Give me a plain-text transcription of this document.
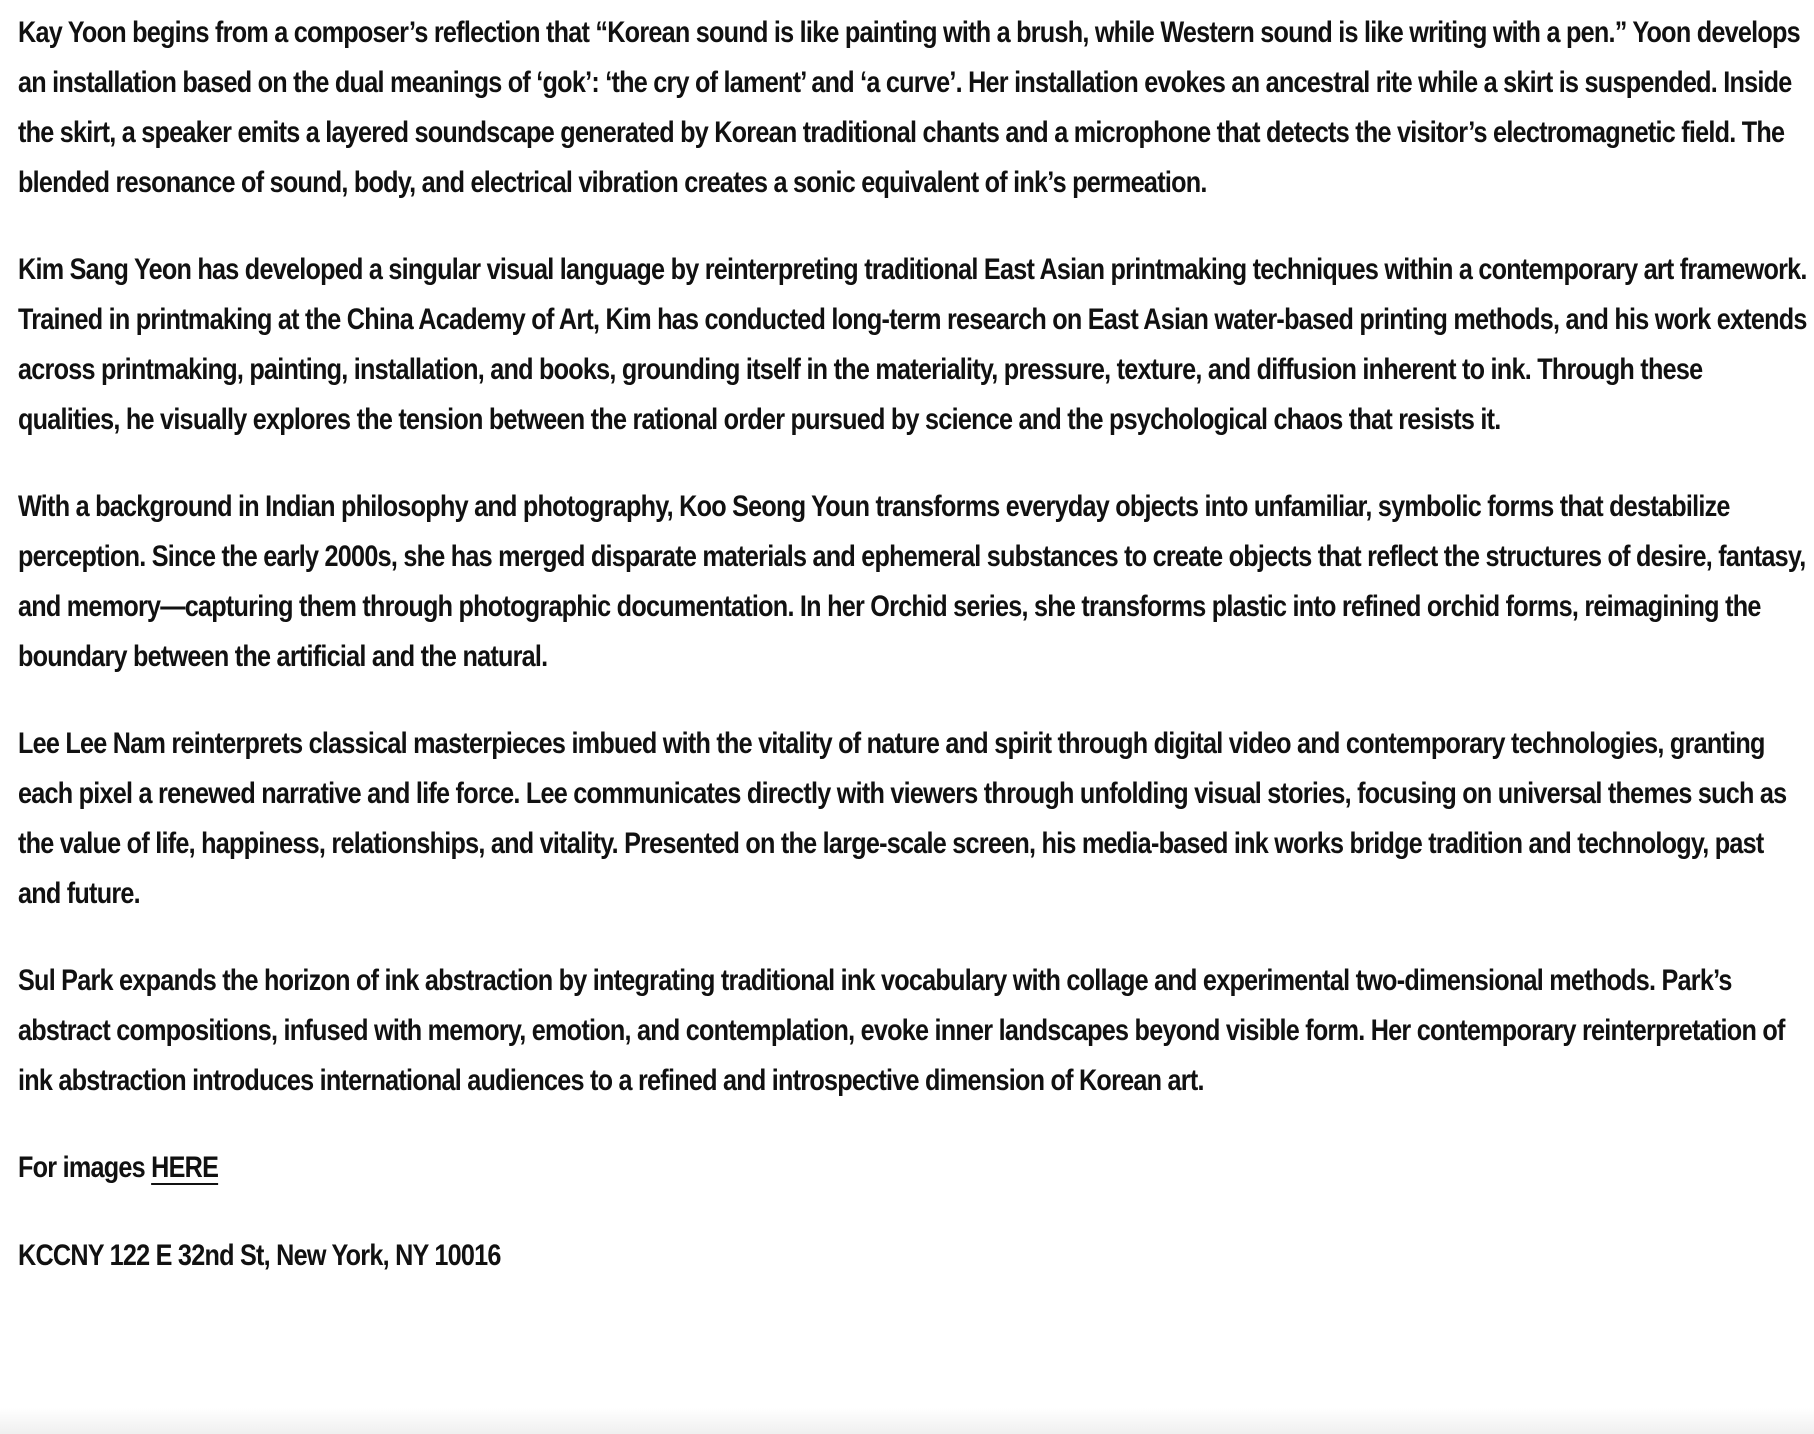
Kay Yoon begins from a composer’s reflection that “Korean sound is like painting with a brush, while Western sound is like writing with a pen.” Yoon develops an installation based on the dual meanings of ‘gok’: ‘the cry of lament’ and ‘a curve’. Her installation evokes an ancestral rite while a skirt is suspended. Inside the skirt, a speaker emits a layered soundscape generated by Korean traditional chants and a microphone that detects the visitor’s electromagnetic field. The blended resonance of sound, body, and electrical vibration creates a sonic equivalent of ink’s permeation.

Kim Sang Yeon has developed a singular visual language by reinterpreting traditional East Asian printmaking techniques within a contemporary art framework. Trained in printmaking at the China Academy of Art, Kim has conducted long-term research on East Asian water-based printing methods, and his work extends across printmaking, painting, installation, and books, grounding itself in the materiality, pressure, texture, and diffusion inherent to ink. Through these qualities, he visually explores the tension between the rational order pursued by science and the psychological chaos that resists it.

With a background in Indian philosophy and photography, Koo Seong Youn transforms everyday objects into unfamiliar, symbolic forms that destabilize perception. Since the early 2000s, she has merged disparate materials and ephemeral substances to create objects that reflect the structures of desire, fantasy, and memory—capturing them through photographic documentation. In her Orchid series, she transforms plastic into refined orchid forms, reimagining the boundary between the artificial and the natural.

Lee Lee Nam reinterprets classical masterpieces imbued with the vitality of nature and spirit through digital video and contemporary technologies, granting each pixel a renewed narrative and life force. Lee communicates directly with viewers through unfolding visual stories, focusing on universal themes such as the value of life, happiness, relationships, and vitality. Presented on the large-scale screen, his media-based ink works bridge tradition and technology, past and future.

Sul Park expands the horizon of ink abstraction by integrating traditional ink vocabulary with collage and experimental two-dimensional methods. Park’s abstract compositions, infused with memory, emotion, and contemplation, evoke inner landscapes beyond visible form. Her contemporary reinterpretation of ink abstraction introduces international audiences to a refined and introspective dimension of Korean art.

For images HERE

KCCNY 122 E 32nd St, New York, NY 10016
